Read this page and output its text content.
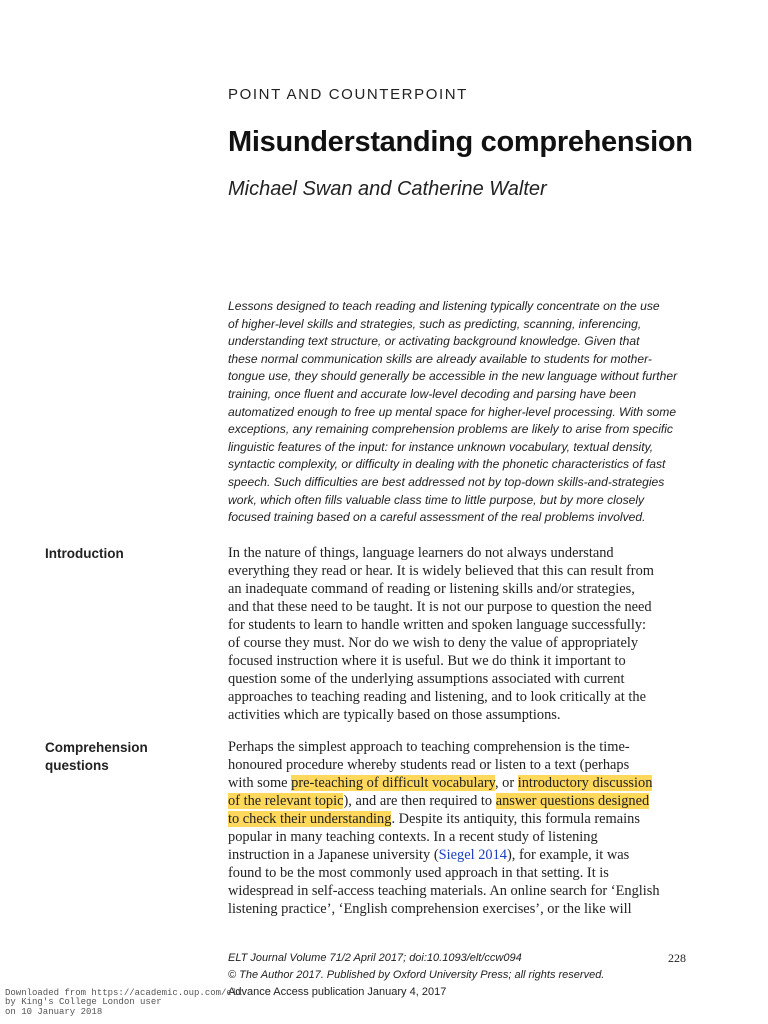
POINT AND COUNTERPOINT
Misunderstanding comprehension
Michael Swan and Catherine Walter
Lessons designed to teach reading and listening typically concentrate on the use
of higher-level skills and strategies, such as predicting, scanning, inferencing,
understanding text structure, or activating background knowledge. Given that
these normal communication skills are already available to students for mother-
tongue use, they should generally be accessible in the new language without further
training, once fluent and accurate low-level decoding and parsing have been
automatized enough to free up mental space for higher-level processing. With some
exceptions, any remaining comprehension problems are likely to arise from specific
linguistic features of the input: for instance unknown vocabulary, textual density,
syntactic complexity, or difficulty in dealing with the phonetic characteristics of fast
speech. Such difficulties are best addressed not by top-down skills-and-strategies
work, which often fills valuable class time to little purpose, but by more closely
focused training based on a careful assessment of the real problems involved.
Introduction	In the nature of things, language learners do not always understand
everything they read or hear. It is widely believed that this can result from
an inadequate command of reading or listening skills and/or strategies,
and that these need to be taught. It is not our purpose to question the need
for students to learn to handle written and spoken language successfully:
of course they must. Nor do we wish to deny the value of appropriately
focused instruction where it is useful. But we do think it important to
question some of the underlying assumptions associated with current
approaches to teaching reading and listening, and to look critically at the
activities which are typically based on those assumptions.
Comprehension
questions
Perhaps the simplest approach to teaching comprehension is the time-
honoured procedure whereby students read or listen to a text (perhaps
with some pre-teaching of difficult vocabulary, or introductory discussion
of the relevant topic), and are then required to answer questions designed
to check their understanding. Despite its antiquity, this formula remains
popular in many teaching contexts. In a recent study of listening
instruction in a Japanese university (Siegel 2014), for example, it was
found to be the most commonly used approach in that setting. It is
widespread in self-access teaching materials. An online search for ‘English
listening practice’, ‘English comprehension exercises’, or the like will
ELT Journal Volume 71/2 April 2017; doi:10.1093/elt/ccw094
© The Author 2017. Published by Oxford University Press; all rights reserved.
Advance Access publication January 4, 2017
228
Downloaded from https://academic.oup.com/elt
by King's College London user
on 10 January 2018
